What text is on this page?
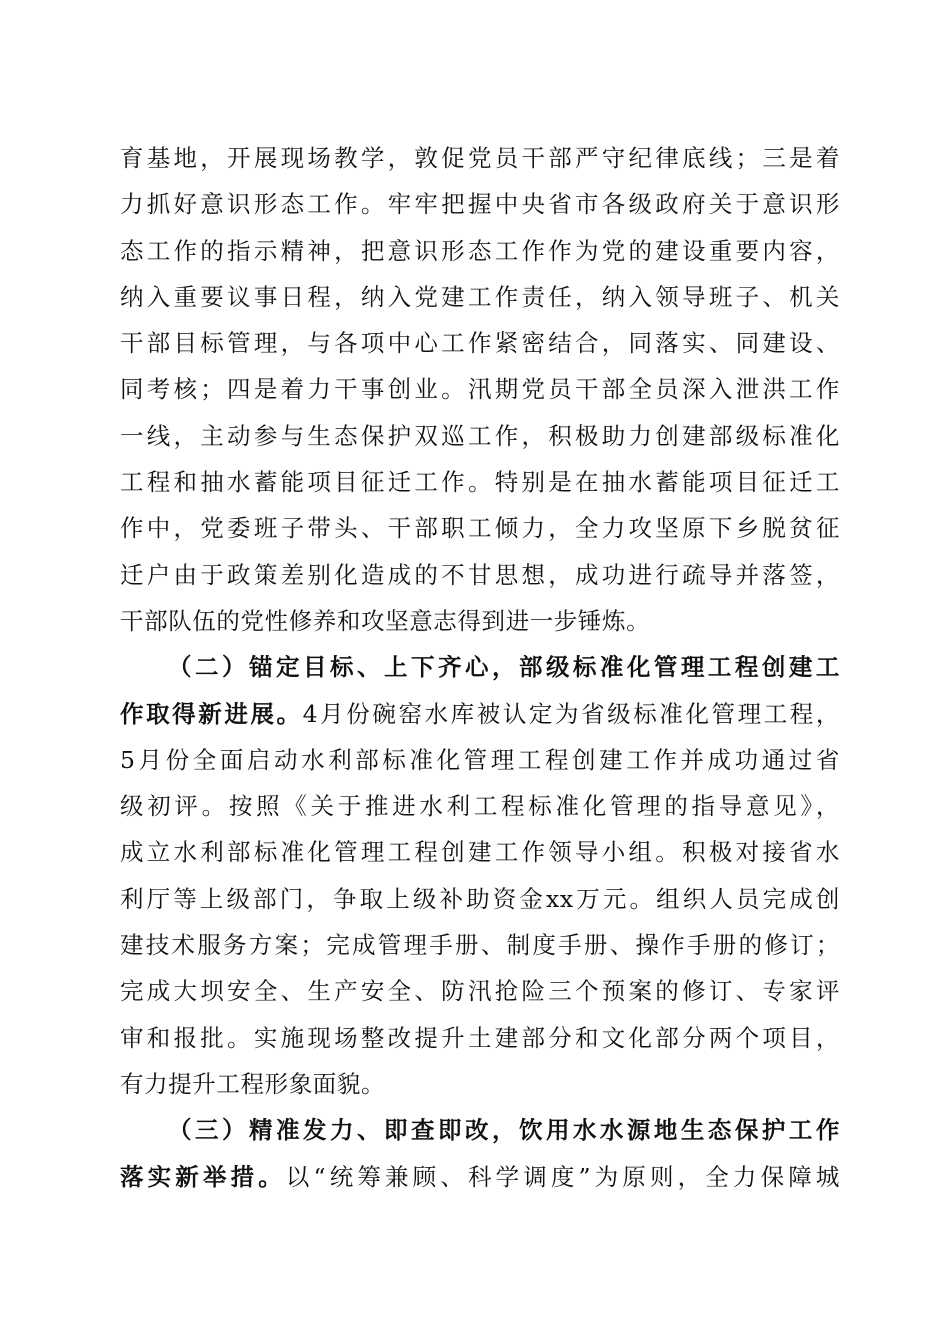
育基地，开展现场教学，敦促党员干部严守纪律底线；三是着
力抓好意识形态工作。牢牢把握中央省市各级政府关于意识形
态工作的指示精神，把意识形态工作作为党的建设重要内容，
纳入重要议事日程，纳入党建工作责任，纳入领导班子、机关
干部目标管理，与各项中心工作紧密结合，同落实、同建设、
同考核；四是着力干事创业。汛期党员干部全员深入泄洪工作
一线，主动参与生态保护双巡工作，积极助力创建部级标准化
工程和抽水蓄能项目征迁工作。特别是在抽水蓄能项目征迁工
作中，党委班子带头、干部职工倾力，全力攻坚原下乡脱贫征
迁户由于政策差别化造成的不甘思想，成功进行疏导并落签，
干部队伍的党性修养和攻坚意志得到进一步锤炼。
（二）锚定目标、上下齐心，部级标准化管理工程创建工
作取得新进展。4月份碗窑水库被认定为省级标准化管理工程，
5月份全面启动水利部标准化管理工程创建工作并成功通过省
级初评。按照《关于推进水利工程标准化管理的指导意见》，
成立水利部标准化管理工程创建工作领导小组。积极对接省水
利厅等上级部门，争取上级补助资金xx万元。组织人员完成创
建技术服务方案；完成管理手册、制度手册、操作手册的修订；
完成大坝安全、生产安全、防汛抢险三个预案的修订、专家评
审和报批。实施现场整改提升土建部分和文化部分两个项目，
有力提升工程形象面貌。
（三）精准发力、即查即改，饮用水水源地生态保护工作
落实新举措。以“统筹兼顾、科学调度”为原则，全力保障城
